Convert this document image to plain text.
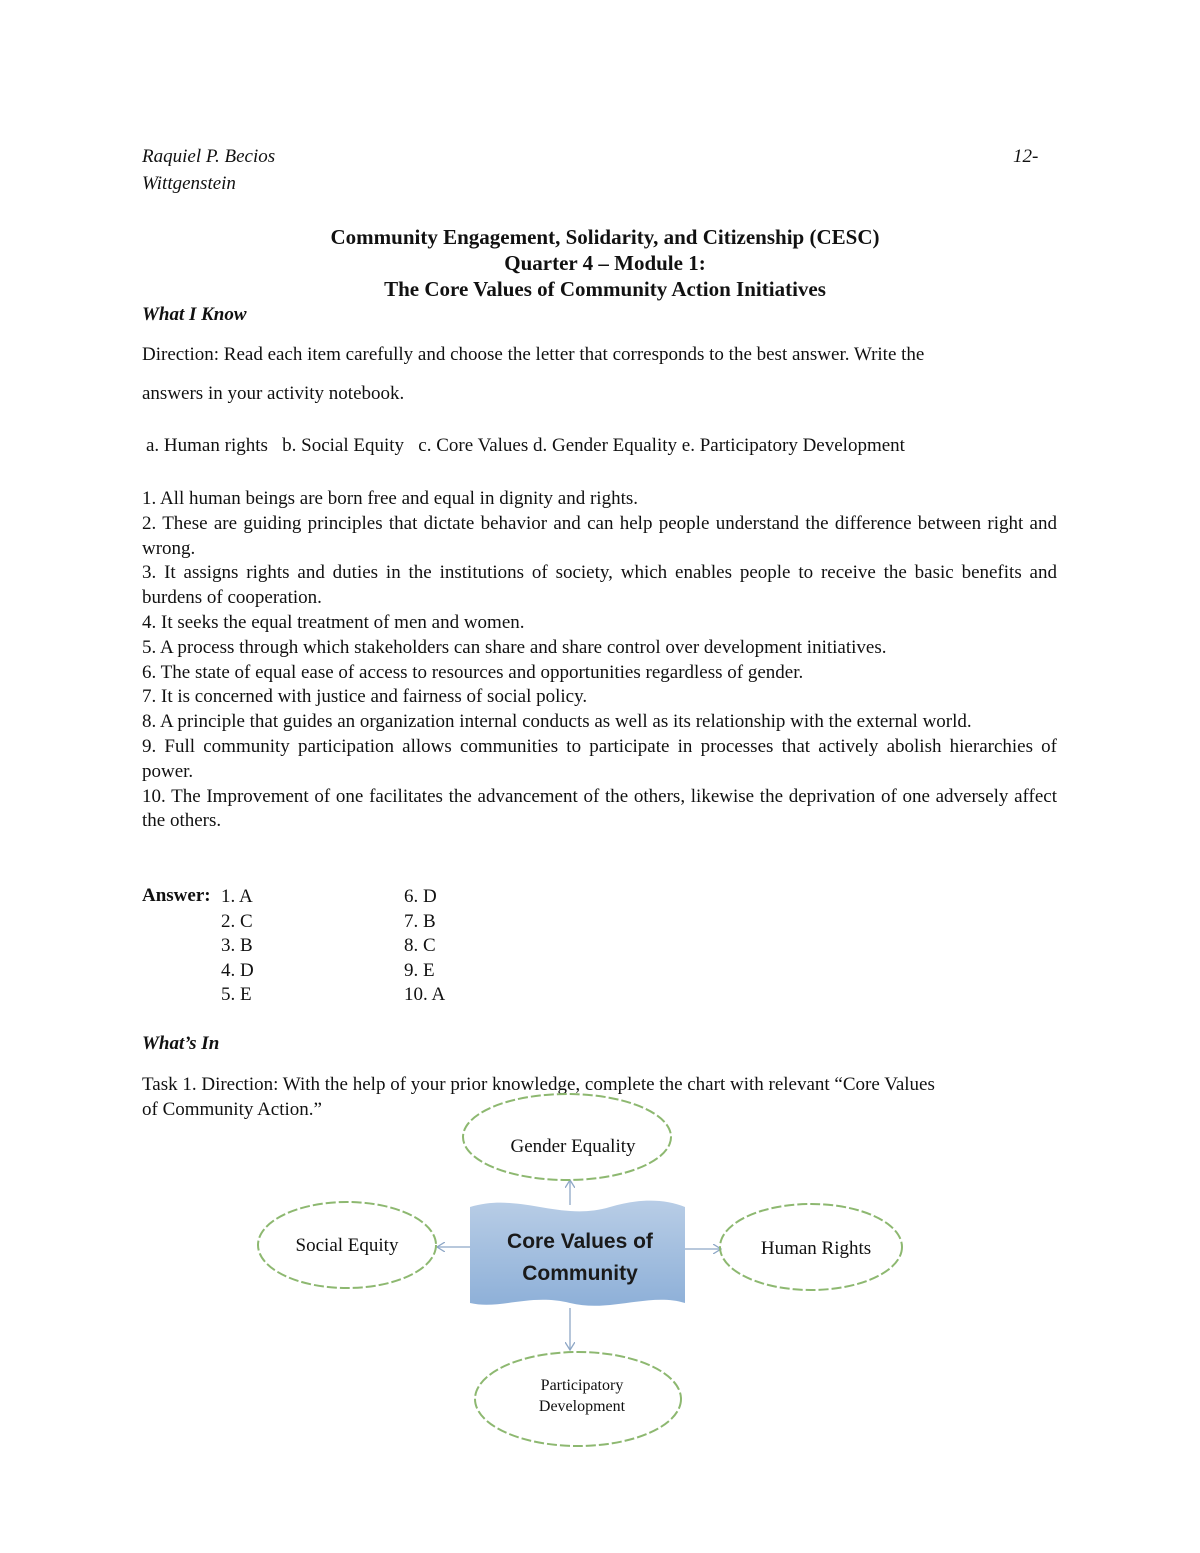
Raquiel P. Becios	12-
Wittgenstein
Community Engagement, Solidarity, and Citizenship (CESC)
Quarter 4 – Module 1:
The Core Values of Community Action Initiatives
What I Know
Direction: Read each item carefully and choose the letter that corresponds to the best answer. Write the
answers in your activity notebook.
a. Human rights   b. Social Equity   c. Core Values d. Gender Equality e. Participatory Development
1. All human beings are born free and equal in dignity and rights.
2. These are guiding principles that dictate behavior and can help people understand the difference between right and wrong.
3. It assigns rights and duties in the institutions of society, which enables people to receive the basic benefits and burdens of cooperation.
4. It seeks the equal treatment of men and women.
5. A process through which stakeholders can share and share control over development initiatives.
6. The state of equal ease of access to resources and opportunities regardless of gender.
7. It is concerned with justice and fairness of social policy.
8. A principle that guides an organization internal conducts as well as its relationship with the external world.
9. Full community participation allows communities to participate in processes that actively abolish hierarchies of power.
10. The Improvement of one facilitates the advancement of the others, likewise the deprivation of one adversely affect the others.
Answer: 1. A
2. C
3. B
4. D
5. E
6. D
7. B
8. C
9. E
10. A
What’s In
Task 1. Direction: With the help of your prior knowledge, complete the chart with relevant “Core Values
of Community Action.”
Core Values of
Community
Gender Equality
Social Equity	Human Rights
Participatory
Development
